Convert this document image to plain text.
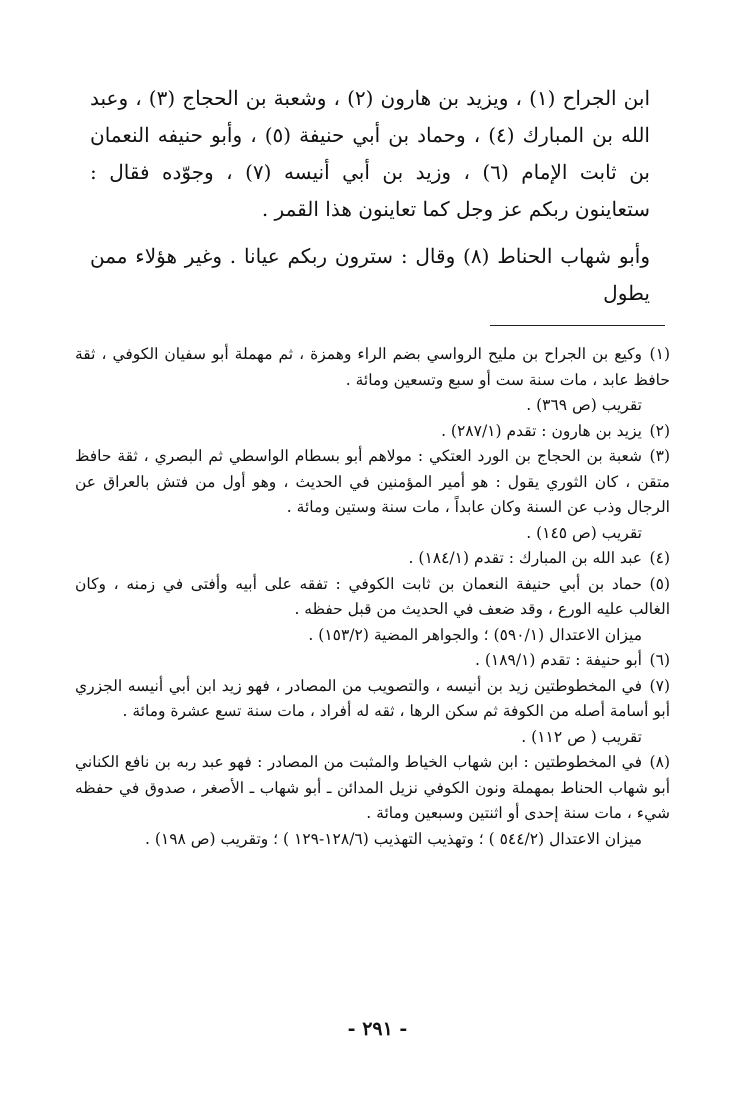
ابن الجراح (١) ، ويزيد بن هارون (٢) ، وشعبة بن الحجاج (٣) ، وعبد الله بن المبارك (٤) ، وحماد بن أبي حنيفة (٥) ، وأبو حنيفه النعمان بن ثابت الإمام (٦) ، وزيد بن أبي أنيسه (٧) ، وجوّده فقال : ستعاينون ربكم عز وجل كما تعاينون هذا القمر .

وأبو شهاب الحناط (٨) وقال : سترون ربكم عيانا . وغير هؤلاء ممن يطول

(١)وكيع بن الجراح بن مليح الرواسي بضم الراء وهمزة ، ثم مهملة أبو سفيان الكوفي ، ثقة حافظ عابد ، مات سنة ست أو سبع وتسعين ومائة .

تقريب (ص ٣٦٩) .

(٢)يزيد بن هارون : تقدم (٢٨٧/١) .
(٣)شعبة بن الحجاج بن الورد العتكي : مولاهم أبو بسطام الواسطي ثم البصري ، ثقة حافظ متقن ، كان الثوري يقول : هو أمير المؤمنين في الحديث ، وهو أول من فتش بالعراق عن الرجال وذب عن السنة وكان عابداً ، مات سنة وستين ومائة .

تقريب (ص ١٤٥) .

(٤)عبد الله بن المبارك : تقدم (١٨٤/١) .
(٥)حماد بن أبي حنيفة النعمان بن ثابت الكوفي : تفقه على أبيه وأفتى في زمنه ، وكان الغالب عليه الورع ، وقد ضعف في الحديث من قبل حفظه .

ميزان الاعتدال (٥٩٠/١) ؛ والجواهر المضية (١٥٣/٢) .

(٦)أبو حنيفة : تقدم (١٨٩/١) .
(٧)في المخطوطتين زيد بن أنيسه ، والتصويب من المصادر ، فهو زيد ابن أبي أنيسه الجزري أبو أسامة أصله من الكوفة ثم سكن الرها ، ثقه له أفراد ، مات سنة تسع عشرة ومائة .

تقريب ( ص ١١٢) .

(٨)في المخطوطتين : ابن شهاب الخياط والمثبت من المصادر : فهو عبد ربه بن نافع الكناني أبو شهاب الحناط بمهملة ونون الكوفي نزيل المدائن ـ أبو شهاب ـ الأصغر ، صدوق في حفظه شيء ، مات سنة إحدى أو اثنتين وسبعين ومائة .

ميزان الاعتدال (٥٤٤/٢ ) ؛ وتهذيب التهذيب (١٢٨/٦-١٢٩ ) ؛ وتقريب (ص ١٩٨) .

- ٢٩١ -
